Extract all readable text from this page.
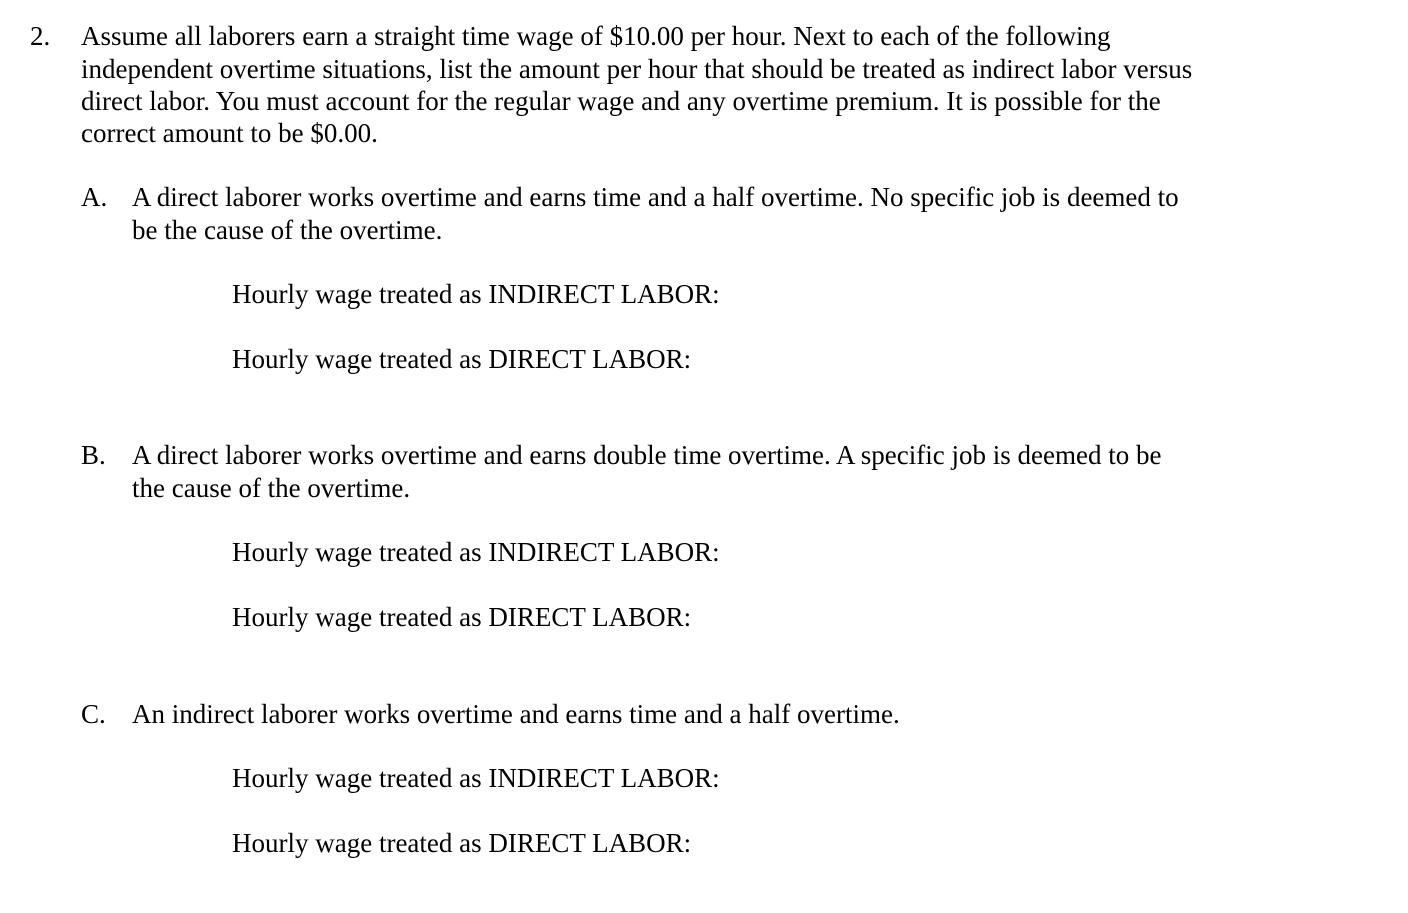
2. Assume all laborers earn a straight time wage of $10.00 per hour. Next to each of the following
independent overtime situations, list the amount per hour that should be treated as indirect labor versus
direct labor. You must account for the regular wage and any overtime premium. It is possible for the
correct amount to be $0.00.
A. A direct laborer works overtime and earns time and a half overtime. No specific job is deemed to
be the cause of the overtime.
Hourly wage treated as INDIRECT LABOR:
Hourly wage treated as DIRECT LABOR:
B. A direct laborer works overtime and earns double time overtime. A specific job is deemed to be
the cause of the overtime.
Hourly wage treated as INDIRECT LABOR:
Hourly wage treated as DIRECT LABOR:
C. An indirect laborer works overtime and earns time and a half overtime.
Hourly wage treated as INDIRECT LABOR:
Hourly wage treated as DIRECT LABOR:
